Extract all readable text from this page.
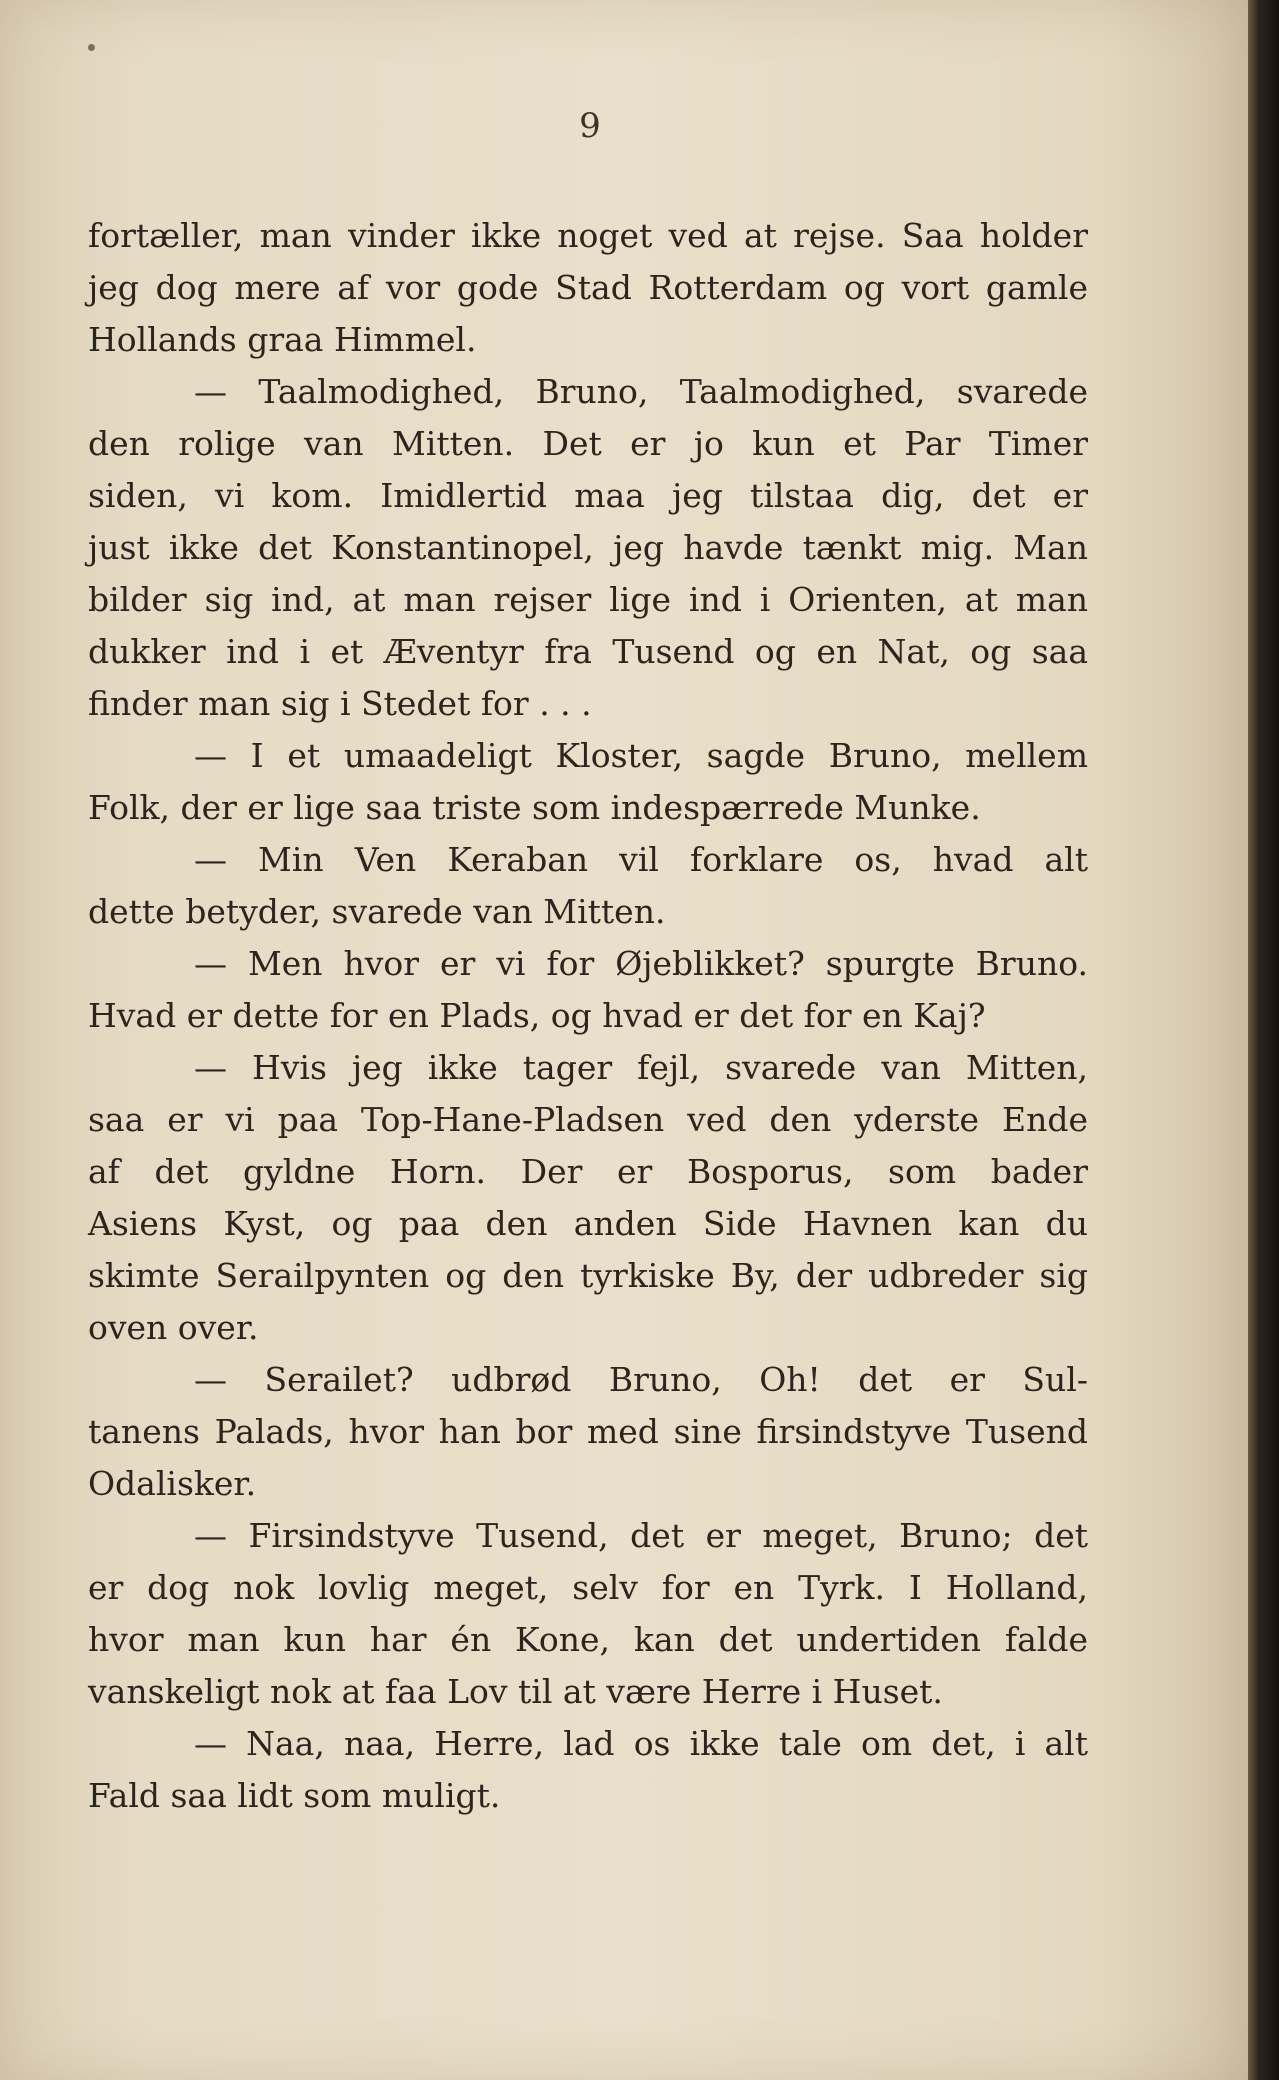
9
fortæller, man vinder ikke noget ved at rejse. Saa holder
jeg dog mere af vor gode Stad Rotterdam og vort gamle
Hollands graa Himmel.
— Taalmodighed, Bruno, Taalmodighed, svarede
den rolige van Mitten. Det er jo kun et Par Timer
siden, vi kom. Imidlertid maa jeg tilstaa dig, det er
just ikke det Konstantinopel, jeg havde tænkt mig. Man
bilder sig ind, at man rejser lige ind i Orienten, at man
dukker ind i et Æventyr fra Tusend og en Nat, og saa
finder man sig i Stedet for . . .
— I et umaadeligt Kloster, sagde Bruno, mellem
Folk, der er lige saa triste som indespærrede Munke.
— Min Ven Keraban vil forklare os, hvad alt
dette betyder, svarede van Mitten.
— Men hvor er vi for Øjeblikket? spurgte Bruno.
Hvad er dette for en Plads, og hvad er det for en Kaj?
— Hvis jeg ikke tager fejl, svarede van Mitten,
saa er vi paa Top-Hane-Pladsen ved den yderste Ende
af det gyldne Horn. Der er Bosporus, som bader
Asiens Kyst, og paa den anden Side Havnen kan du
skimte Serailpynten og den tyrkiske By, der udbreder sig
oven over.
— Serailet? udbrød Bruno, Oh! det er Sul-
tanens Palads, hvor han bor med sine firsindstyve Tusend
Odalisker.
— Firsindstyve Tusend, det er meget, Bruno; det
er dog nok lovlig meget, selv for en Tyrk. I Holland,
hvor man kun har én Kone, kan det undertiden falde
vanskeligt nok at faa Lov til at være Herre i Huset.
— Naa, naa, Herre, lad os ikke tale om det, i alt
Fald saa lidt som muligt.
